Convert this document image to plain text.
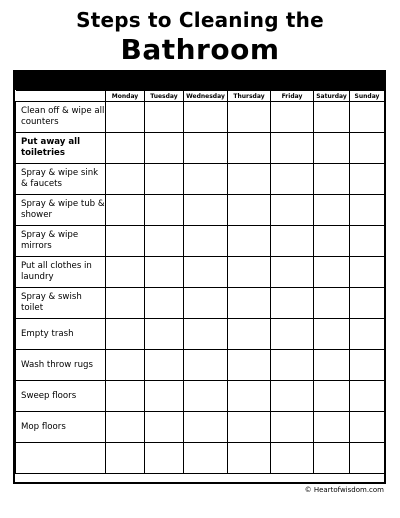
Steps to Cleaning the
Bathroom
	Monday	Tuesday	Wednesday	Thursday	Friday	Saturday	Sunday
Clean off & wipe all counters							
Put away all toiletries							
Spray & wipe sink & faucets							
Spray & wipe tub & shower							
Spray & wipe mirrors							
Put all clothes in laundry							
Spray & swish toilet							
Empty trash							
Wash throw rugs							
Sweep floors							
Mop floors							

© Heartofwisdom.com
